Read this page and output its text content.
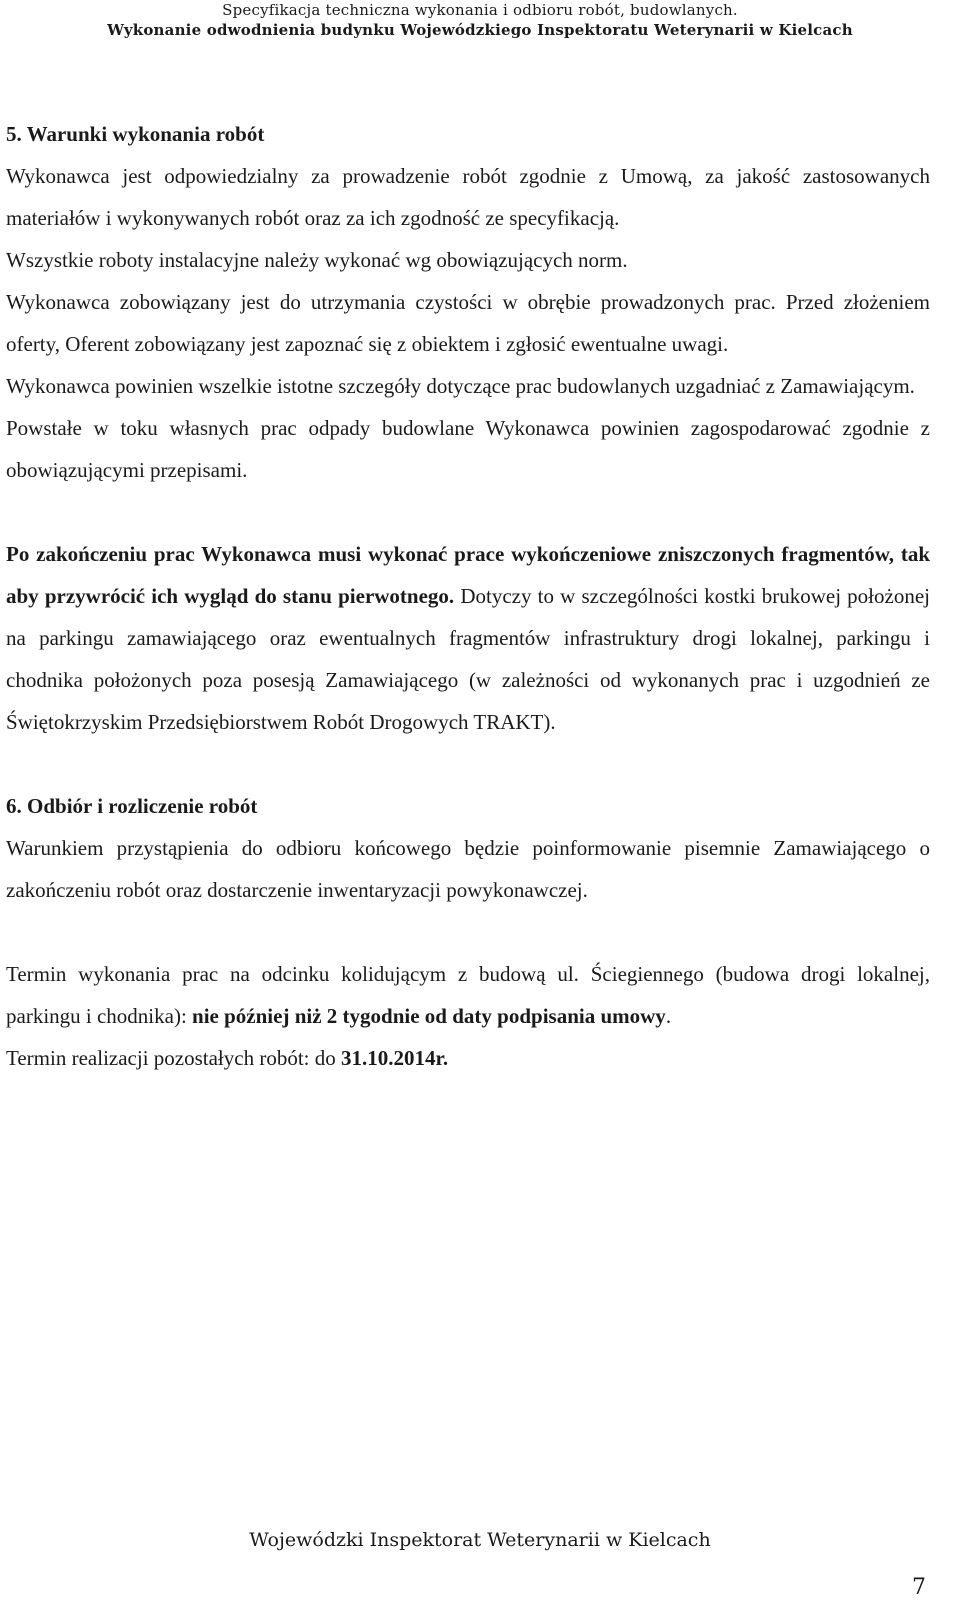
Specyfikacja techniczna wykonania i odbioru robót, budowlanych.
Wykonanie odwodnienia budynku Wojewódzkiego Inspektoratu Weterynarii w Kielcach

5. Warunki wykonania robót

Wykonawca jest odpowiedzialny za prowadzenie robót zgodnie z Umową, za jakość zastosowanych materiałów i wykonywanych robót oraz za ich zgodność ze specyfikacją.

Wszystkie roboty instalacyjne należy wykonać wg obowiązujących norm.

Wykonawca zobowiązany jest do utrzymania czystości w obrębie prowadzonych prac. Przed złożeniem oferty, Oferent zobowiązany jest zapoznać się z obiektem i zgłosić ewentualne uwagi.

Wykonawca powinien wszelkie istotne szczegóły dotyczące prac budowlanych uzgadniać z Zamawiającym.

Powstałe w toku własnych prac odpady budowlane Wykonawca powinien zagospodarować zgodnie z obowiązującymi przepisami.

Po zakończeniu prac Wykonawca musi wykonać prace wykończeniowe zniszczonych fragmentów, tak aby przywrócić ich wygląd do stanu pierwotnego. Dotyczy to w szczególności kostki brukowej położonej na parkingu zamawiającego oraz ewentualnych fragmentów infrastruktury drogi lokalnej, parkingu i chodnika położonych poza posesją Zamawiającego (w zależności od wykonanych prac i uzgodnień ze Świętokrzyskim Przedsiębiorstwem Robót Drogowych TRAKT).

6. Odbiór i rozliczenie robót

Warunkiem przystąpienia do odbioru końcowego będzie poinformowanie pisemnie Zamawiającego o zakończeniu robót oraz dostarczenie inwentaryzacji powykonawczej.

Termin wykonania prac na odcinku kolidującym z budową ul. Ściegiennego (budowa drogi lokalnej, parkingu i chodnika): nie później niż 2 tygodnie od daty podpisania umowy.

Termin realizacji pozostałych robót: do 31.10.2014r.

Wojewódzki Inspektorat Weterynarii w Kielcach
7
